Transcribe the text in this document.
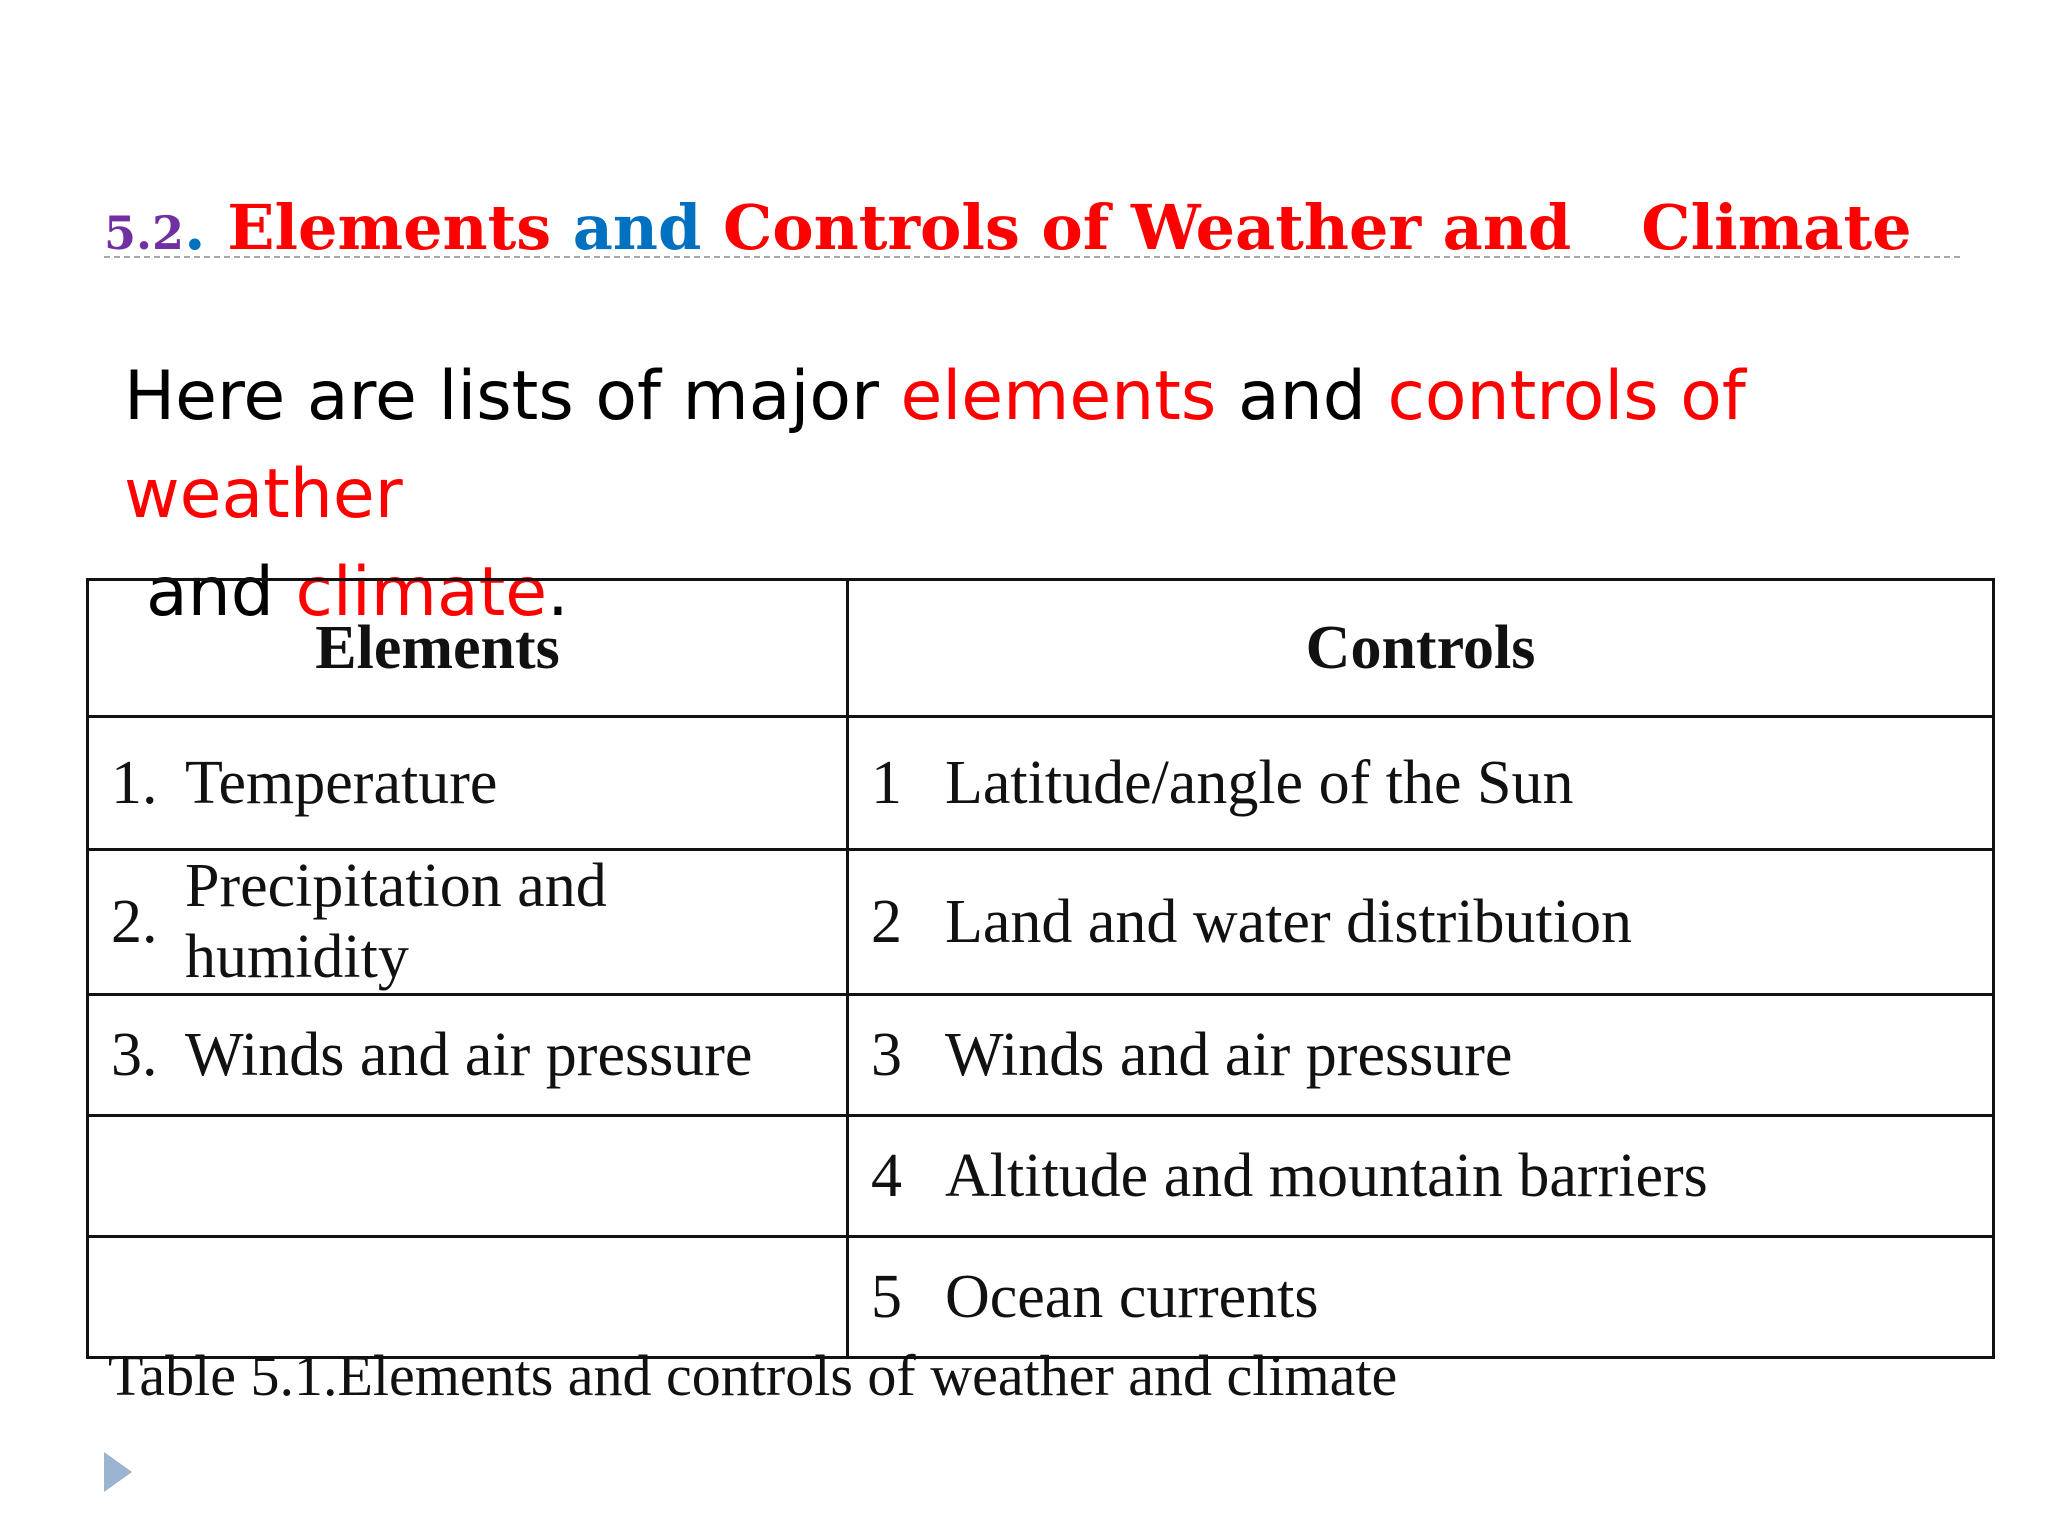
5.2. Elements and Controls of Weather and Climate
Here are lists of major elements and controls of weather
and climate.
Elements	Controls

1. Temperature	1 Latitude/angle of the Sun

2.
Precipitation and humidity	2 Land and water distribution

3. Winds and air pressure	3 Winds and air pressure

	4 Altitude and mountain barriers

	5 Ocean currents
Table 5.1.Elements and controls of weather and climate
